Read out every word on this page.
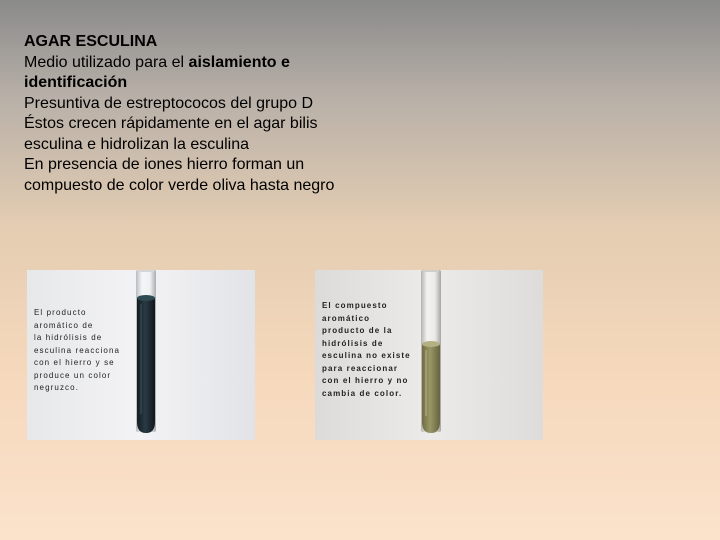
AGAR ESCULINA
Medio utilizado para el aislamiento e
identificación
Presuntiva de estreptococos del grupo D
Éstos crecen rápidamente en el agar bilis
esculina e hidrolizan la esculina
En presencia de iones hierro forman un
compuesto de color verde oliva hasta negro
El producto
aromático de
la hidrólisis de
esculina reacciona
con el hierro y se
produce un color
negruzco.
El compuesto
aromático
producto de la
hidrólisis de
esculina no existe
para reaccionar
con el hierro y no
cambia de color.
